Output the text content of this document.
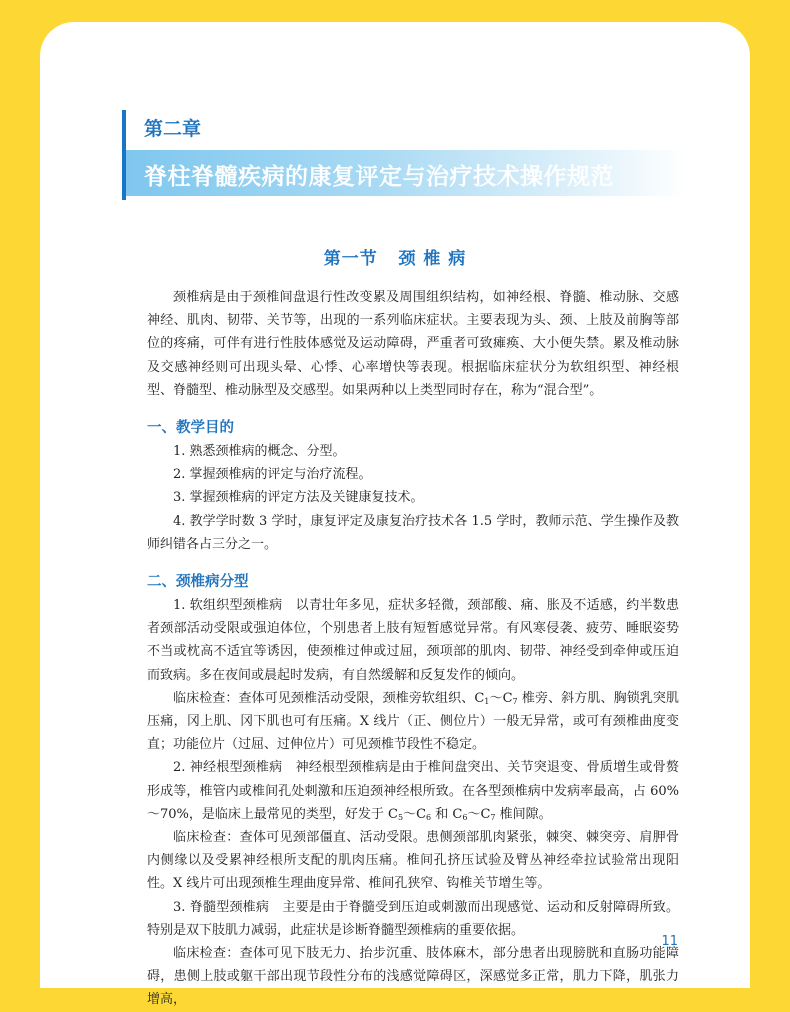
第二章
脊柱脊髓疾病的康复评定与治疗技术操作规范
第一节   颈 椎 病

颈椎病是由于颈椎间盘退行性改变累及周围组织结构，如神经根、脊髓、椎动脉、交感神经、肌肉、韧带、关节等，出现的一系列临床症状。主要表现为头、颈、上肢及前胸等部位的疼痛，可伴有进行性肢体感觉及运动障碍，严重者可致瘫痪、大小便失禁。累及椎动脉及交感神经则可出现头晕、心悸、心率增快等表现。根据临床症状分为软组织型、神经根型、脊髓型、椎动脉型及交感型。如果两种以上类型同时存在，称为“混合型”。

一、教学目的

1. 熟悉颈椎病的概念、分型。

2. 掌握颈椎病的评定与治疗流程。

3. 掌握颈椎病的评定方法及关键康复技术。

4. 教学学时数 3 学时，康复评定及康复治疗技术各 1.5 学时，教师示范、学生操作及教师纠错各占三分之一。

二、颈椎病分型

1. 软组织型颈椎病　以青壮年多见，症状多轻微，颈部酸、痛、胀及不适感，约半数患者颈部活动受限或强迫体位，个别患者上肢有短暂感觉异常。有风寒侵袭、疲劳、睡眠姿势不当或枕高不适宜等诱因，使颈椎过伸或过屈，颈项部的肌肉、韧带、神经受到牵伸或压迫而致病。多在夜间或晨起时发病，有自然缓解和反复发作的倾向。

临床检查：查体可见颈椎活动受限，颈椎旁软组织、$C_1\sim C_7$ 椎旁、斜方肌、胸锁乳突肌压痛，冈上肌、冈下肌也可有压痛。X 线片（正、侧位片）一般无异常，或可有颈椎曲度变直；功能位片（过屈、过伸位片）可见颈椎节段性不稳定。

2. 神经根型颈椎病　神经根型颈椎病是由于椎间盘突出、关节突退变、骨质增生或骨赘形成等，椎管内或椎间孔处刺激和压迫颈神经根所致。在各型颈椎病中发病率最高，占 60%～70%，是临床上最常见的类型，好发于 $C_5\sim C_6$ 和 $C_6\sim C_7$ 椎间隙。

临床检查：查体可见颈部僵直、活动受限。患侧颈部肌肉紧张，棘突、棘突旁、肩胛骨内侧缘以及受累神经根所支配的肌肉压痛。椎间孔挤压试验及臂丛神经牵拉试验常出现阳性。X 线片可出现颈椎生理曲度异常、椎间孔狭窄、钩椎关节增生等。

3. 脊髓型颈椎病　主要是由于脊髓受到压迫或刺激而出现感觉、运动和反射障碍所致。特别是双下肢肌力减弱，此症状是诊断脊髓型颈椎病的重要依据。

临床检查：查体可见下肢无力、抬步沉重、肢体麻木，部分患者出现膀胱和直肠功能障碍，患侧上肢或躯干部出现节段性分布的浅感觉障碍区，深感觉多正常，肌力下降，肌张力增高，

11
